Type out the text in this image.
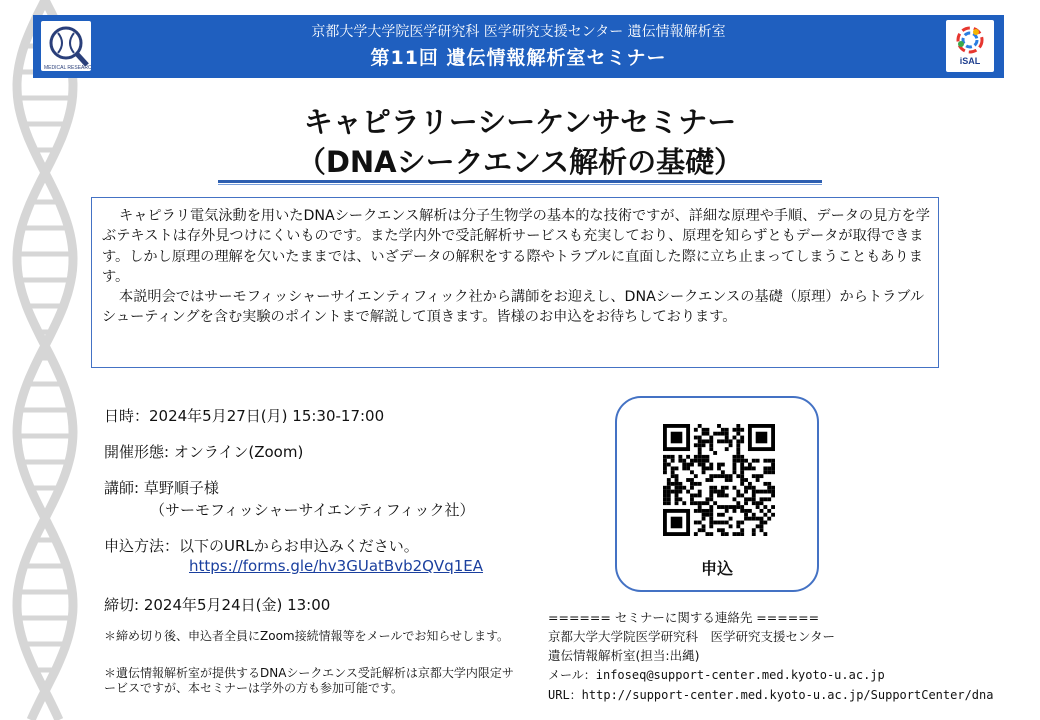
MEDICAL RESEARCH
京都大学大学院医学研究科 医学研究支援センター 遺伝情報解析室
第11回 遺伝情報解析室セミナー	iSAL
キャピラリーシーケンサセミナー
（DNAシークエンス解析の基礎）

キャピラリ電気泳動を用いたDNAシークエンス解析は分子生物学の基本的な技術ですが、詳細な原理や手順、データの見方を学ぶテキストは存外見つけにくいものです。また学内外で受託解析サービスも充実しており、原理を知らずともデータが取得できます。しかし原理の理解を欠いたままでは、いざデータの解釈をする際やトラブルに直面した際に立ち止まってしまうこともあります。

本説明会ではサーモフィッシャーサイエンティフィック社から講師をお迎えし、DNAシークエンスの基礎（原理）からトラブルシューティングを含む実験のポイントまで解説して頂きます。皆様のお申込をお待ちしております。

日時：2024年5月27日(月) 15:30-17:00
開催形態: オンライン(Zoom)
講師: 草野順子様
（サーモフィッシャーサイエンティフィック社）
申込方法：以下のURLからお申込みください。
https://forms.gle/hv3GUatBvb2QVq1EA
締切: 2024年5月24日(金) 13:00
申込
＊締め切り後、申込者全員にZoom接続情報等をメールでお知らせします。
＊遺伝情報解析室が提供するDNAシークエンス受託解析は京都大学内限定サービスですが、本セミナーは学外の方も参加可能です。
====== セミナーに関する連絡先 ======
京都大学大学院医学研究科　医学研究支援センター
遺伝情報解析室(担当:出縄)
メール：infoseq@support-center.med.kyoto-u.ac.jp
URL：http://support-center.med.kyoto-u.ac.jp/SupportCenter/dna
